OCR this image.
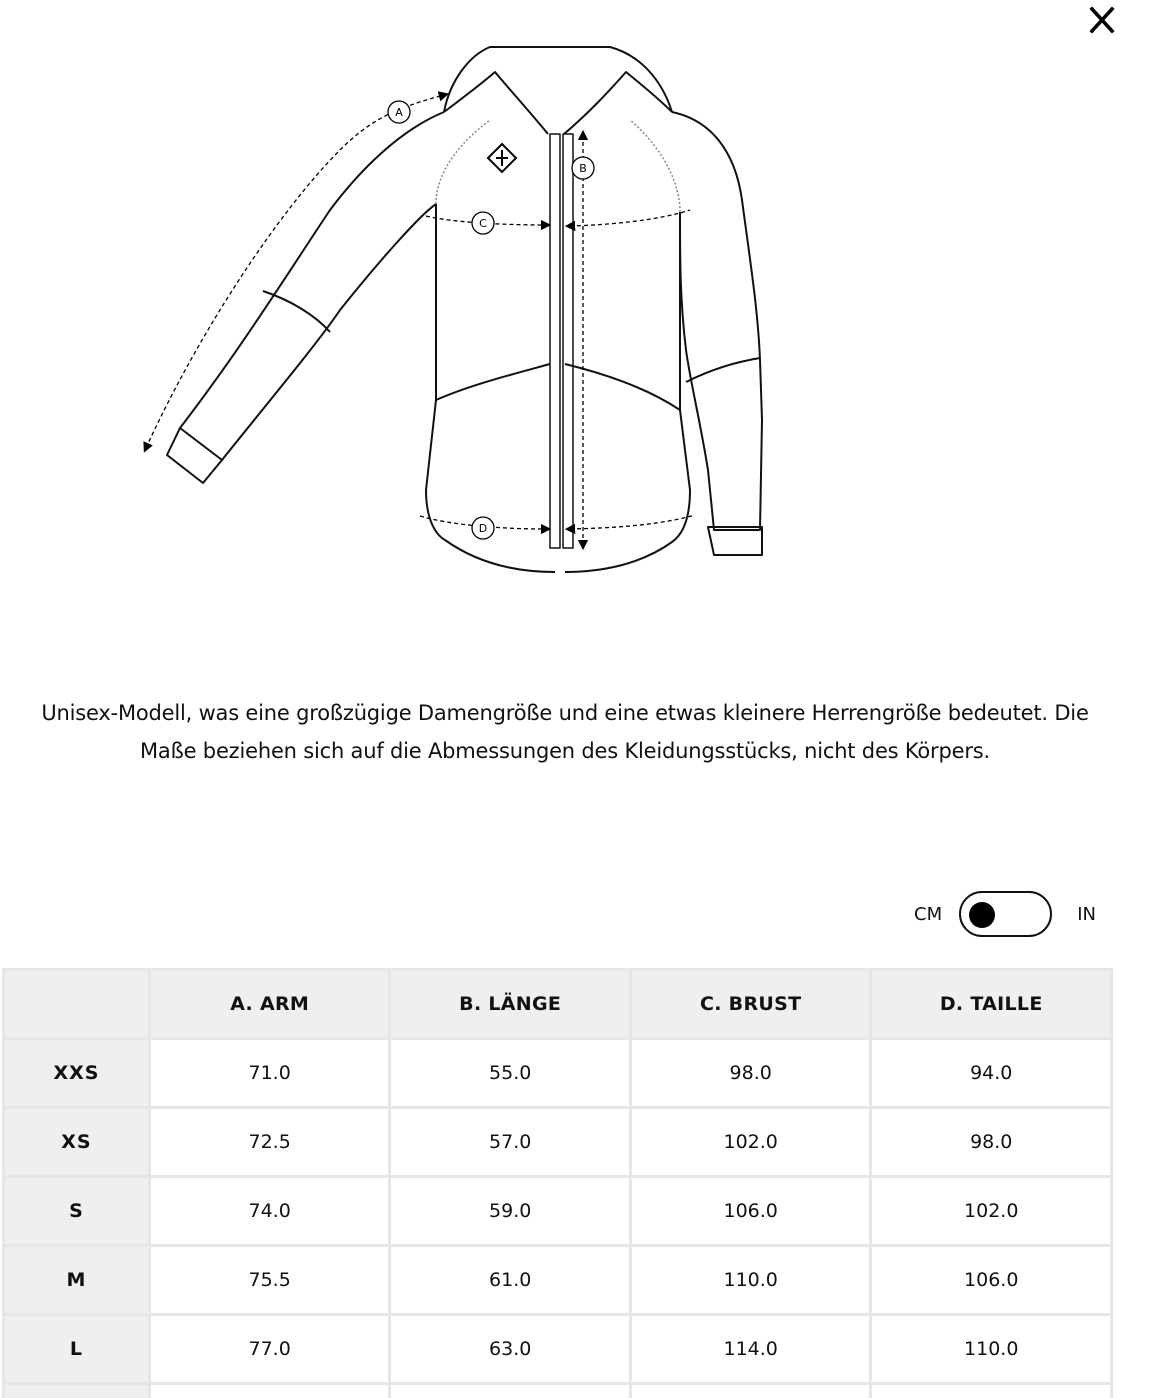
A
B
C
D
Unisex-Modell, was eine großzügige Damengröße und eine etwas kleinere Herrengröße bedeutet. Die Maße beziehen sich auf die Abmessungen des Kleidungsstücks, nicht des Körpers.
CM	IN
	A. ARM	B. LÄNGE	C. BRUST	D. TAILLE
XXS	71.0	55.0	98.0	94.0
XS	72.5	57.0	102.0	98.0
S	74.0	59.0	106.0	102.0
M	75.5	61.0	110.0	106.0
L	77.0	63.0	114.0	110.0
